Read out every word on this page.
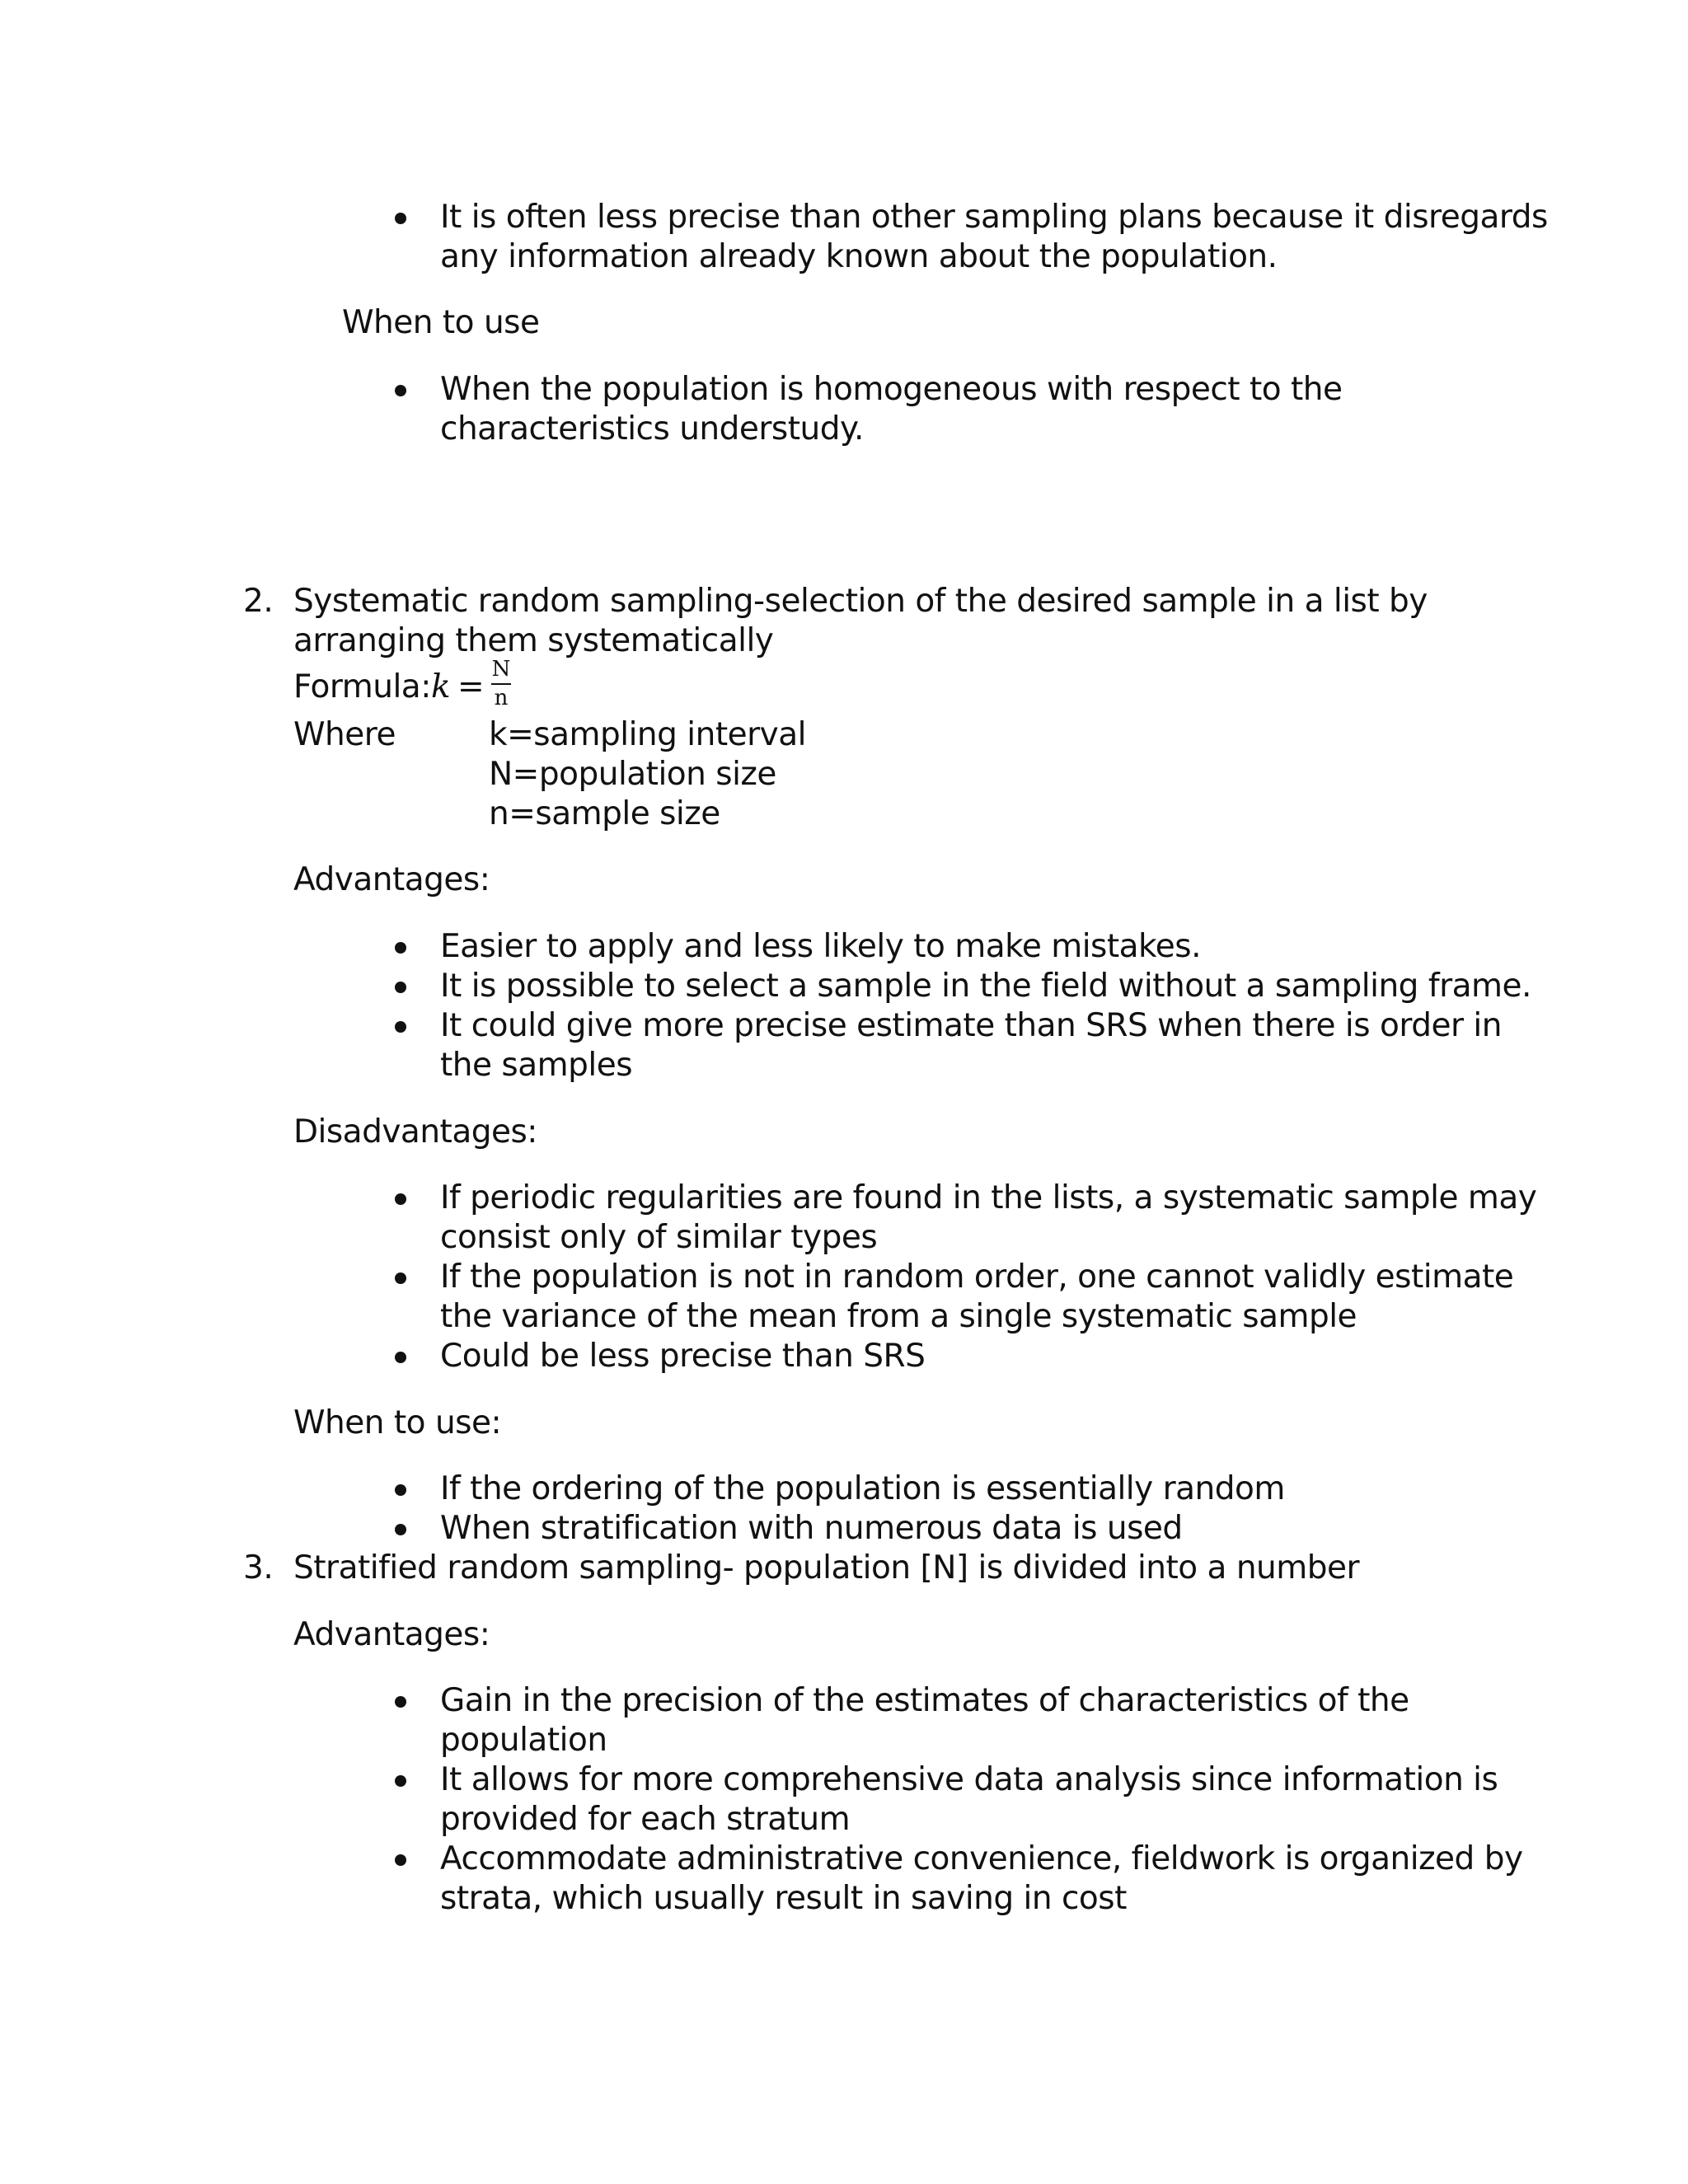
It is often less precise than other sampling plans because it disregards
any information already known about the population.
When to use
When the population is homogeneous with respect to the
characteristics understudy.
2. Systematic random sampling-selection of the desired sample in a list by
arranging them systematically
Formula: k = N
n
Where	k=sampling interval
N=population size
n=sample size
Advantages:
Easier to apply and less likely to make mistakes.
It is possible to select a sample in the field without a sampling frame.
It could give more precise estimate than SRS when there is order in
the samples
Disadvantages:
If periodic regularities are found in the lists, a systematic sample may
consist only of similar types
If the population is not in random order, one cannot validly estimate
the variance of the mean from a single systematic sample
Could be less precise than SRS
When to use:
If the ordering of the population is essentially random
When stratification with numerous data is used
3. Stratified random sampling- population [N] is divided into a number
Advantages:
Gain in the precision of the estimates of characteristics of the
population
It allows for more comprehensive data analysis since information is
provided for each stratum
Accommodate administrative convenience, fieldwork is organized by
strata, which usually result in saving in cost
